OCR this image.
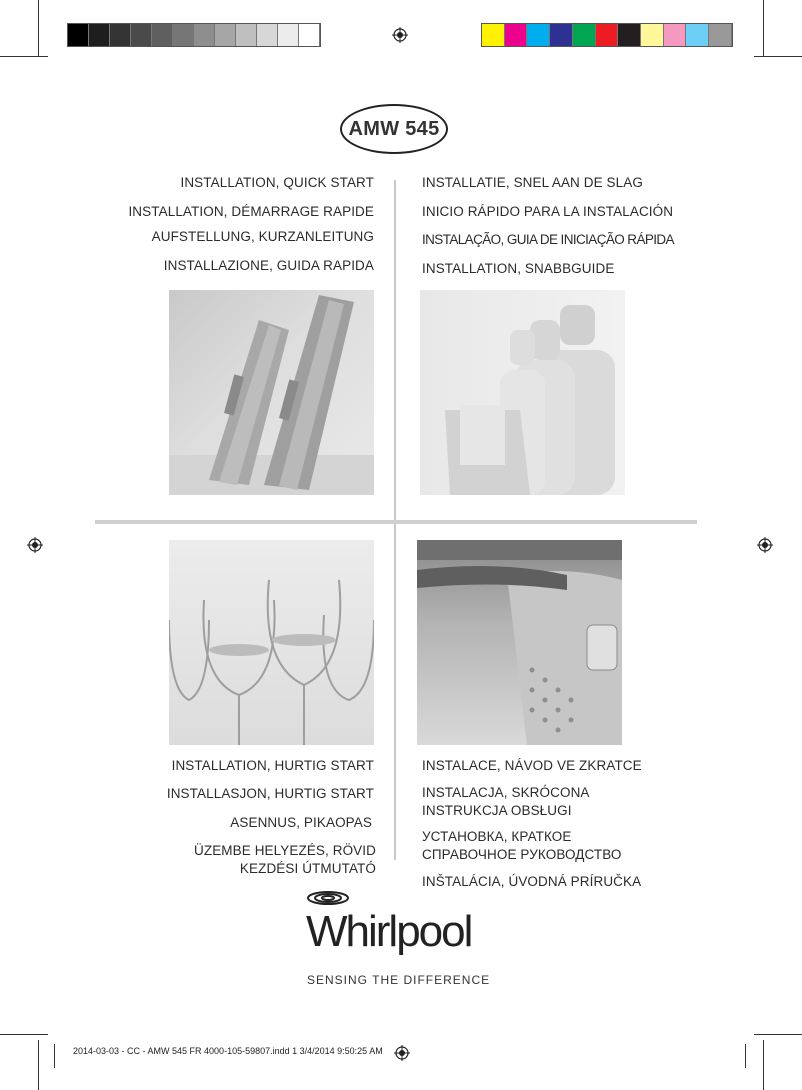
AMW 545
INSTALLATION, QUICK START
INSTALLATION, DÉMARRAGE RAPIDE
AUFSTELLUNG, KURZANLEITUNG
INSTALLAZIONE, GUIDA RAPIDA
INSTALLATIE, SNEL AAN DE SLAG
INICIO RÁPIDO PARA LA INSTALACIÓN
INSTALAÇÃO, GUIA DE INICIAÇÃO RÁPIDA
INSTALLATION, SNABBGUIDE
INSTALLATION, HURTIG START
INSTALLASJON, HURTIG START
ASENNUS, PIKAOPAS
ÜZEMBE HELYEZÉS, RÖVID
KEZDÉSI ÚTMUTATÓ
INSTALACE, NÁVOD VE ZKRATCE
INSTALACJA, SKRÓCONA
INSTRUKCJA OBSŁUGI
УСТАНОВКА, КРАТКОЕ
СПРАВОЧНОЕ РУКОВОДСТВО
INŠTALÁCIA, ÚVODNÁ PRÍRUČKA
Whirlpool
SENSING THE DIFFERENCE
2014-03-03 - CC - AMW 545 FR 4000-105-59807.indd 1 3/4/2014 9:50:25 AM
